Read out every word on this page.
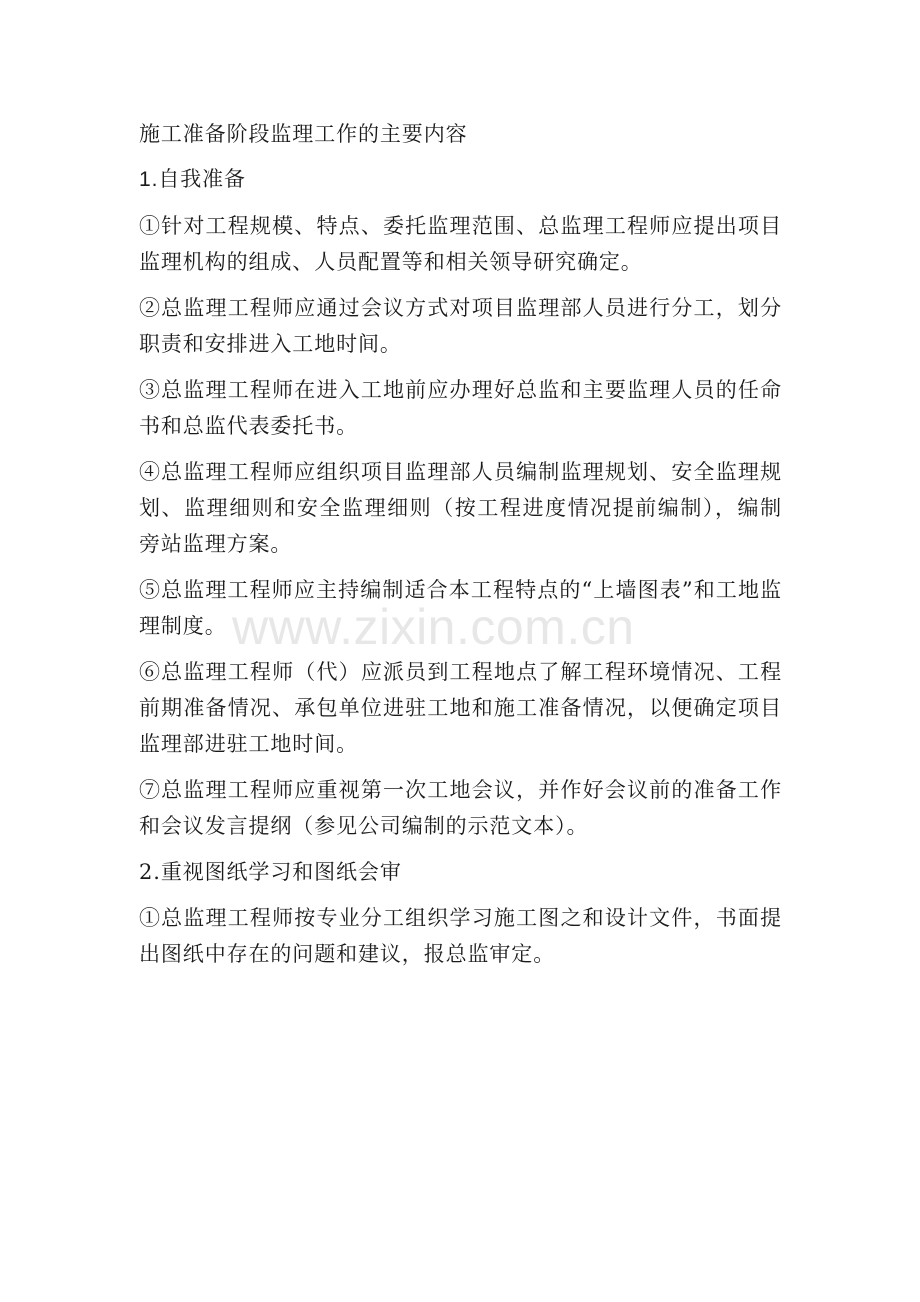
施工准备阶段监理工作的主要内容

1.自我准备

①针对工程规模、特点、委托监理范围、总监理工程师应提出项目监理机构的组成、人员配置等和相关领导研究确定。

②总监理工程师应通过会议方式对项目监理部人员进行分工，划分职责和安排进入工地时间。

③总监理工程师在进入工地前应办理好总监和主要监理人员的任命书和总监代表委托书。

④总监理工程师应组织项目监理部人员编制监理规划、安全监理规划、监理细则和安全监理细则（按工程进度情况提前编制），编制旁站监理方案。

⑤总监理工程师应主持编制适合本工程特点的“上墙图表”和工地监理制度。

⑥总监理工程师（代）应派员到工程地点了解工程环境情况、工程前期准备情况、承包单位进驻工地和施工准备情况，以便确定项目监理部进驻工地时间。

⑦总监理工程师应重视第一次工地会议，并作好会议前的准备工作和会议发言提纲（参见公司编制的示范文本）。

2.重视图纸学习和图纸会审

①总监理工程师按专业分工组织学习施工图之和设计文件，书面提出图纸中存在的问题和建议，报总监审定。

www.zixin.com.cn
